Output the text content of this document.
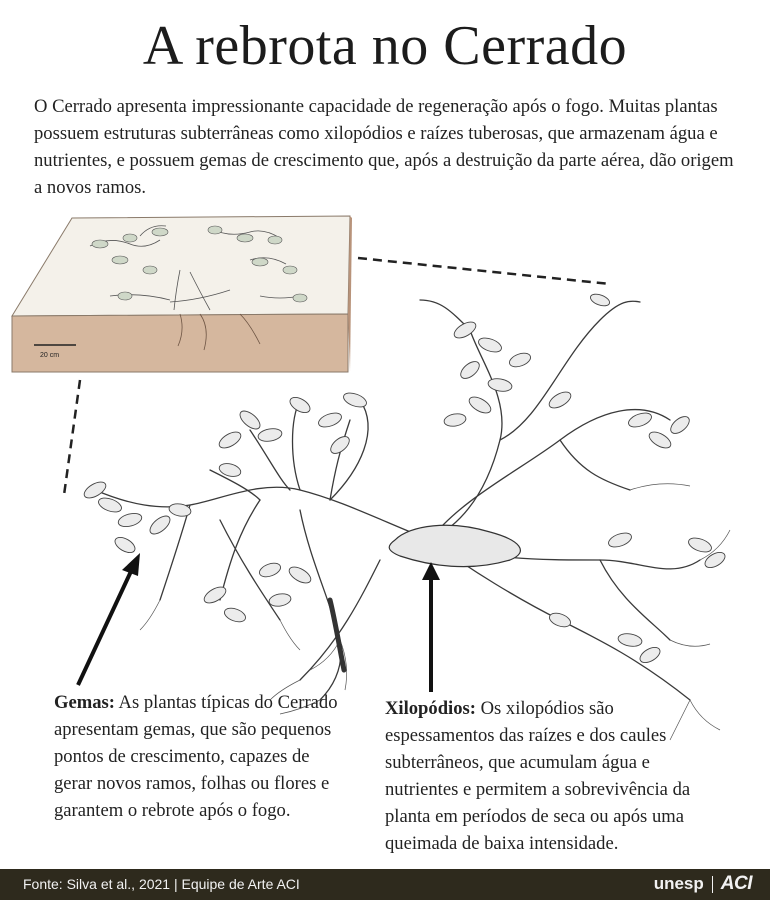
A rebrota no Cerrado

O Cerrado apresenta impressionante capacidade de regeneração após o fogo. Muitas plantas possuem estruturas subterrâneas como xilopódios e raízes tuberosas, que armazenam água e nutrientes, e possuem gemas de crescimento que, após a destruição da parte aérea, dão origem a novos ramos.

20 cm

Gemas: As plantas típicas do Cerrado apresentam gemas, que são pequenos pontos de crescimento, capazes de gerar novos ramos, folhas ou flores e garantem o rebrote após o fogo.

Xilopódios: Os xilopódios são espessamentos das raízes e dos caules subterrâneos, que acumulam água e nutrientes e permitem a sobrevivência da planta em períodos de seca ou após uma queimada de baixa intensidade.

Fonte: Silva et al., 2021 | Equipe de Arte ACI	unesp ACI
